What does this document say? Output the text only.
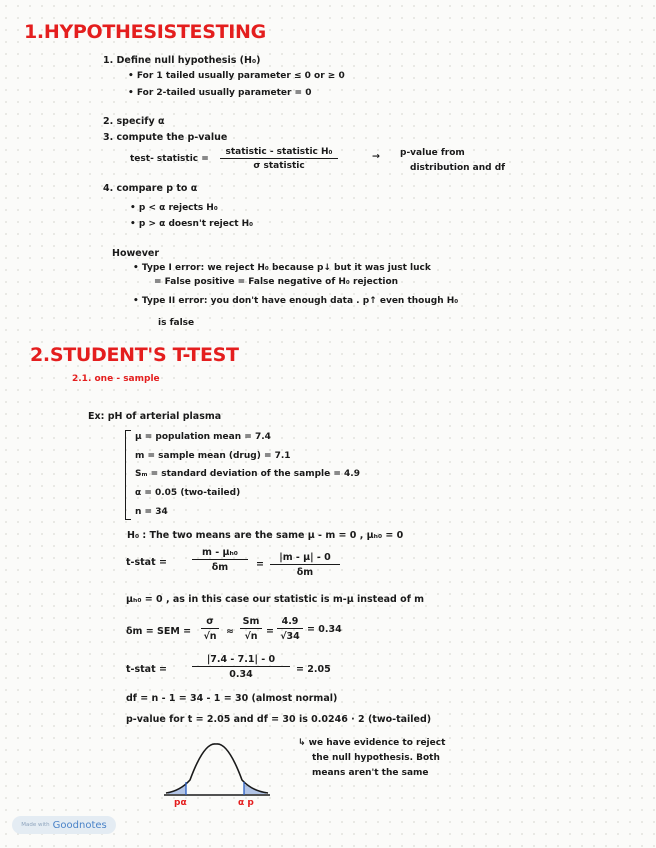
1.HYPOTHESISTESTING
1. Define null hypothesis (H₀)
• For 1 tailed usually parameter ≤ 0 or ≥ 0
• For 2-tailed usually parameter = 0
2. specify α
3. compute the p-value
test- statistic =
statistic - statistic H₀
σ statistic
→ p-value from
distribution and df
4. compare p to α
• p < α rejects H₀
• p > α doesn't reject H₀
However
• Type I error: we reject H₀ because p↓ but it was just luck
= False positive = False negative of H₀ rejection
• Type II error: you don't have enough data . p↑ even though H₀
is false
2.STUDENT'S T-TEST
2.1. one - sample
Ex: pH of arterial plasma
μ = population mean = 7.4
m = sample mean (drug) = 7.1
Sₘ = standard deviation of the sample = 4.9
α = 0.05 (two-tailed)
n = 34
H₀ : The two means are the same μ - m = 0 , μₕ₀ = 0
t-stat =	$\frac{\text{m - μₕ₀}}{\delta m} = \frac{|m - \mu| - 0}{\delta m}$
μₕ₀ = 0 , as in this case our statistic is m-μ instead of m
δm = SEM = $\frac{\sigma}{√n} \approx \frac{Sm}{√n} = \frac{4.9}{√34} = 0.34$
t-stat =	$\frac{|7.4 - 7.1| - 0}{0.34} = 2.05$
df = n - 1 = 34 - 1 = 30 (almost normal)
p-value for t = 2.05 and df = 30 is 0.0246 · 2 (two-tailed)
↳ we have evidence to reject
the null hypothesis. Both
means aren't the same
pα	α p
Made with Goodnotes
